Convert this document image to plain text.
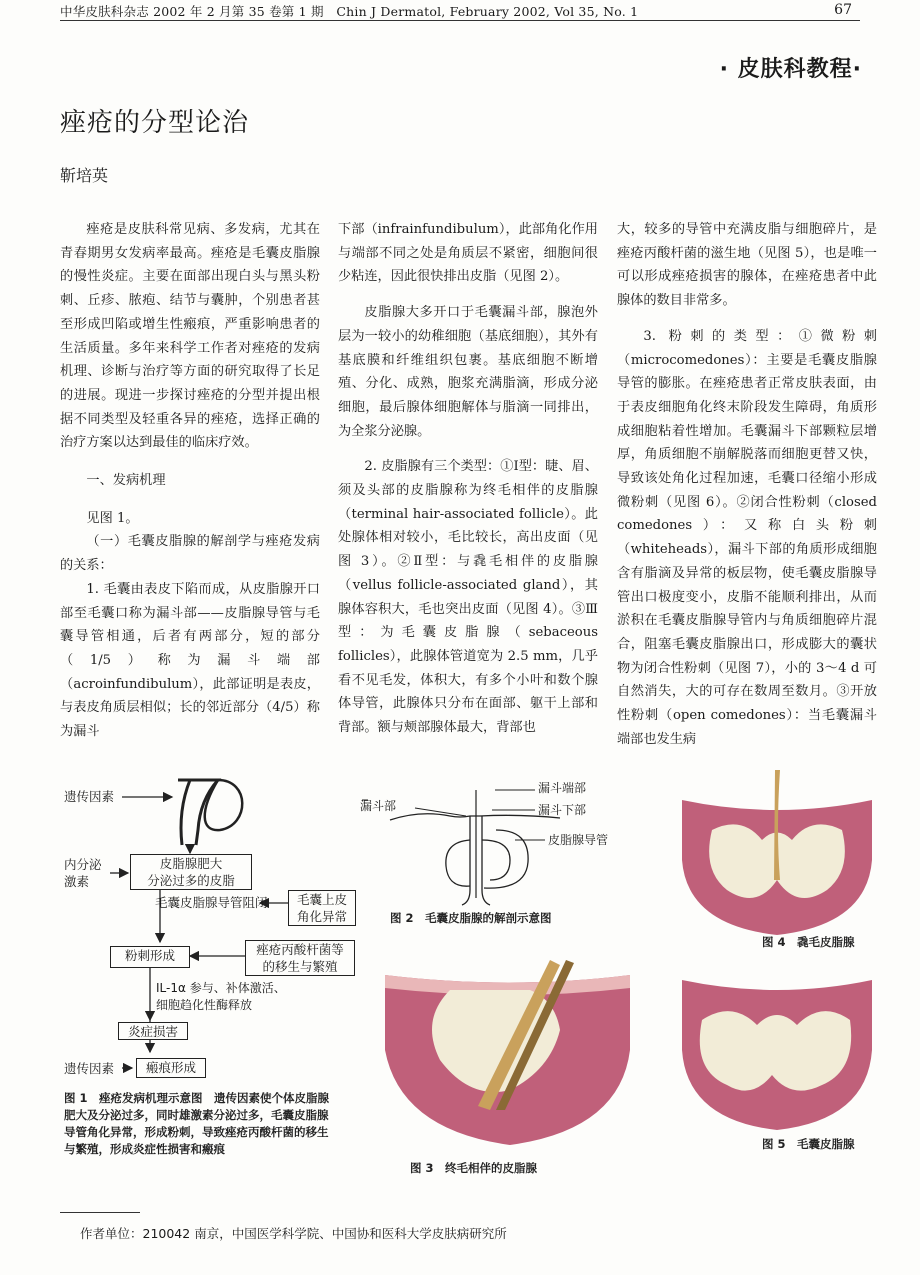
中华皮肤科杂志 2002 年 2 月第 35 卷第 1 期　Chin J Dermatol, February 2002, Vol 35, No. 1	67
· 皮肤科教程·
痤疮的分型论治
靳培英

痤疮是皮肤科常见病、多发病，尤其在青春期男女发病率最高。痤疮是毛囊皮脂腺的慢性炎症。主要在面部出现白头与黑头粉刺、丘疹、脓疱、结节与囊肿，个别患者甚至形成凹陷或增生性瘢痕，严重影响患者的生活质量。多年来科学工作者对痤疮的发病机理、诊断与治疗等方面的研究取得了长足的进展。现进一步探讨痤疮的分型并提出根据不同类型及轻重各异的痤疮，选择正确的治疗方案以达到最佳的临床疗效。

一、发病机理

见图 1。

（一）毛囊皮脂腺的解剖学与痤疮发病的关系：

1. 毛囊由表皮下陷而成，从皮脂腺开口部至毛囊口称为漏斗部——皮脂腺导管与毛囊导管相通，后者有两部分，短的部分（1/5）称为漏斗端部（acroinfundibulum），此部证明是表皮，与表皮角质层相似；长的邻近部分（4/5）称为漏斗

下部（infrainfundibulum），此部角化作用与端部不同之处是角质层不紧密，细胞间很少粘连，因此很快排出皮脂（见图 2）。

皮脂腺大多开口于毛囊漏斗部，腺泡外层为一较小的幼稚细胞（基底细胞），其外有基底膜和纤维组织包裹。基底细胞不断增殖、分化、成熟，胞浆充满脂滴，形成分泌细胞，最后腺体细胞解体与脂滴一同排出，为全浆分泌腺。

2. 皮脂腺有三个类型：①Ⅰ型：睫、眉、须及头部的皮脂腺称为终毛相伴的皮脂腺（terminal hair-associated follicle）。此处腺体相对较小，毛比较长，高出皮面（见图 3）。②Ⅱ型：与毳毛相伴的皮脂腺（vellus follicle-associated gland），其腺体容积大，毛也突出皮面（见图 4）。③Ⅲ型：为毛囊皮脂腺（sebaceous follicles），此腺体管道宽为 2.5 mm，几乎看不见毛发，体积大，有多个小叶和数个腺体导管，此腺体只分布在面部、躯干上部和背部。额与颊部腺体最大，背部也

大，较多的导管中充满皮脂与细胞碎片，是痤疮丙酸杆菌的滋生地（见图 5），也是唯一可以形成痤疮损害的腺体，在痤疮患者中此腺体的数目非常多。

3. 粉刺的类型：①微粉刺（microcomedones）：主要是毛囊皮脂腺导管的膨胀。在痤疮患者正常皮肤表面，由于表皮细胞角化终末阶段发生障碍，角质形成细胞粘着性增加。毛囊漏斗下部颗粒层增厚，角质细胞不崩解脱落而细胞更替又快，导致该处角化过程加速，毛囊口径缩小形成微粉刺（见图 6）。②闭合性粉刺（closed comedones）：又称白头粉刺（whiteheads），漏斗下部的角质形成细胞含有脂滴及异常的板层物，使毛囊皮脂腺导管出口极度变小，皮脂不能顺利排出，从而淤积在毛囊皮脂腺导管内与角质细胞碎片混合，阻塞毛囊皮脂腺出口，形成膨大的囊状物为闭合性粉刺（见图 7），小的 3～4 d 可自然消失，大的可存在数周至数月。③开放性粉刺（open comedones）：当毛囊漏斗端部也发生病

遗传因素
内分泌
激素
皮脂腺肥大
分泌过多的皮脂
毛囊皮脂腺导管阻闭	毛囊上皮
角化异常
粉刺形成	痤疮丙酸杆菌等
的移生与繁殖
IL-1α 参与、补体激活、
细胞趋化性酶释放
炎症损害
遗传因素	瘢痕形成
图 1　痤疮发病机理示意图　遗传因素使个体皮脂腺肥大及分泌过多，同时雄激素分泌过多，毛囊皮脂腺导管角化异常，形成粉刺，导致痤疮丙酸杆菌的移生与繁殖，形成炎症性损害和瘢痕
漏斗部
漏斗端部
漏斗下部
皮脂腺导管
图 2　毛囊皮脂腺的解剖示意图
图 3　终毛相伴的皮脂腺
图 4　毳毛皮脂腺
图 5　毛囊皮脂腺
作者单位：210042 南京，中国医学科学院、中国协和医科大学皮肤病研究所
